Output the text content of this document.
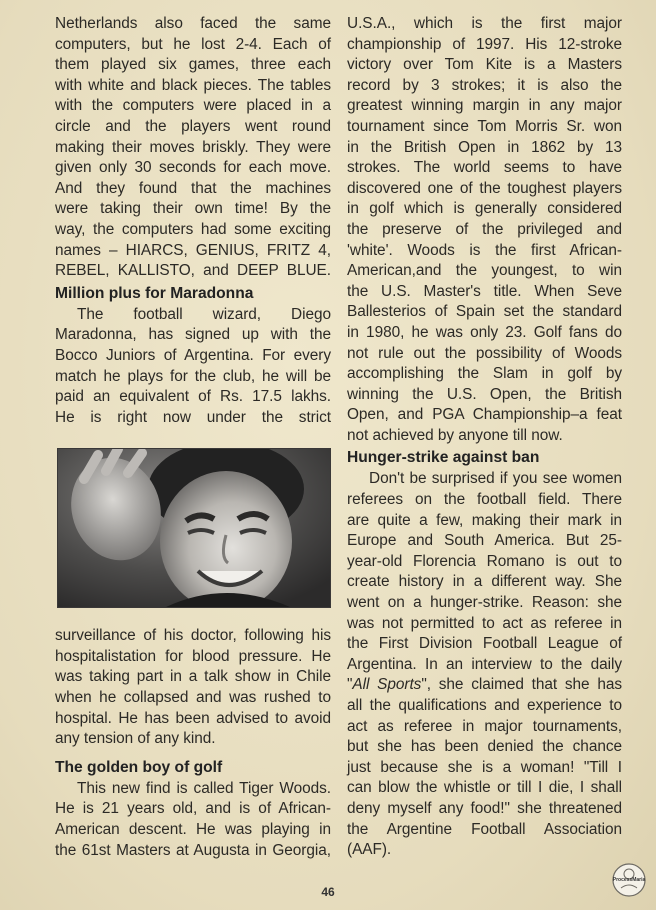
Netherlands also faced the same
computers, but he lost 2-4. Each of
them played six games, three each
with white and black pieces. The tables
with the computers were placed in a
circle and the players went round
making their moves briskly. They were
given only 30 seconds for each move.
And they found that the machines
were taking their own time! By the
way, the computers had some exciting
names – HIARCS, GENIUS, FRITZ 4,
REBEL, KALLISTO, and DEEP BLUE.
Million plus for Maradonna
The football wizard, Diego
Maradonna, has signed up with the
Bocco Juniors of Argentina. For every
match he plays for the club, he will be
paid an equivalent of Rs. 17.5 lakhs.
He is right now under the strict
surveillance of his doctor, following his
hospitalistation for blood pressure. He
was taking part in a talk show in Chile
when he collapsed and was rushed to
hospital. He has been advised to avoid
any tension of any kind.
The golden boy of golf
This new find is called Tiger Woods.
He is 21 years old, and is of African-
American descent. He was playing in
the 61st Masters at Augusta in Georgia,
U.S.A., which is the first major
championship of 1997. His 12-stroke
victory over Tom Kite is a Masters
record by 3 strokes; it is also the
greatest winning margin in any major
tournament since Tom Morris Sr. won
in the British Open in 1862 by 13
strokes. The world seems to have
discovered one of the toughest players
in golf which is generally considered
the preserve of the privileged and
'white'. Woods is the first African-
American,and the youngest, to win
the U.S. Master's title. When Seve
Ballesterios of Spain set the standard
in 1980, he was only 23. Golf fans do
not rule out the possibility of Woods
accomplishing the Slam in golf by
winning the U.S. Open, the British
Open, and PGA Championship–a feat
not achieved by anyone till now.
Hunger-strike against ban
Don't be surprised if you see women
referees on the football field. There
are quite a few, making their mark in
Europe and South America. But 25-
year-old Florencia Romano is out to
create history in a different way. She
went on a hunger-strike. Reason: she
was not permitted to act as referee in
the First Division Football League of
Argentina. In an interview to the daily
"All Sports", she claimed that she has
all the qualifications and experience to
act as referee in major tournaments,
but she has been denied the chance
just because she is a woman! "Till I
can blow the whistle or till I die, I shall
deny myself any food!" she threatened
the Argentine Football Association
(AAF).
46
ProcessMaria
